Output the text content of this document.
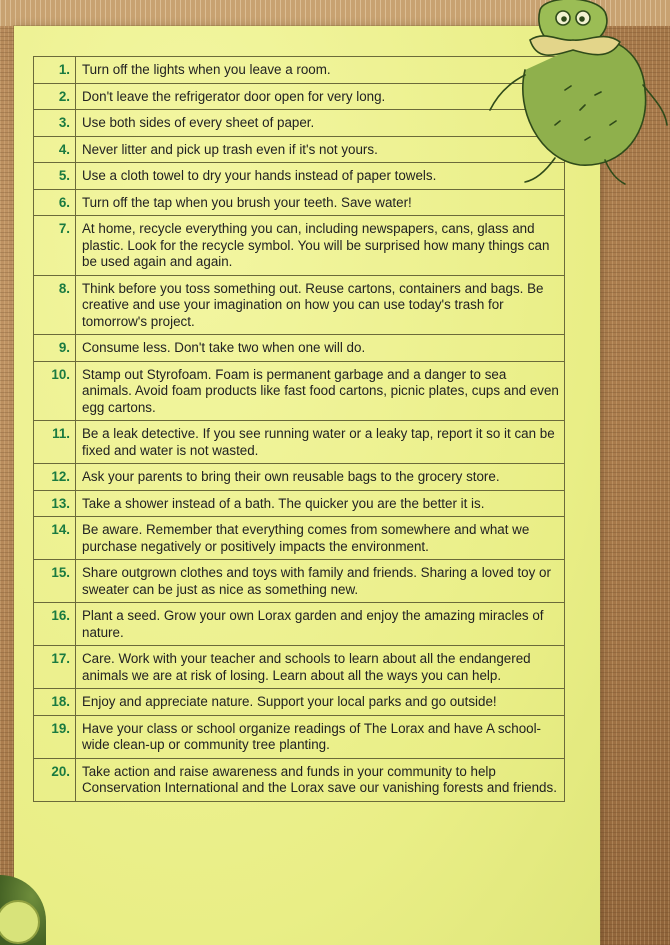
1.	Turn off the lights when you leave a room.
2.	Don't leave the refrigerator door open for very long.
3.	Use both sides of every sheet of paper.
4.	Never litter and pick up trash even if it's not yours.
5.	Use a cloth towel to dry your hands instead of paper towels.
6.	Turn off the tap when you brush your teeth. Save water!
7.	At home, recycle everything you can, including newspapers, cans, glass and plastic. Look for the recycle symbol. You will be surprised how many things can be used again and again.
8.	Think before you toss something out. Reuse cartons, containers and bags. Be creative and use your imagination on how you can use today's trash for tomorrow's project.
9.	Consume less. Don't take two when one will do.
10.	Stamp out Styrofoam. Foam is permanent garbage and a danger to sea animals. Avoid foam products like fast food cartons, picnic plates, cups and even egg cartons.
11.	Be a leak detective. If you see running water or a leaky tap, report it so it can be fixed and water is not wasted.
12.	Ask your parents to bring their own reusable bags to the grocery store.
13.	Take a shower instead of a bath. The quicker you are the better it is.
14.	Be aware. Remember that everything comes from somewhere and what we purchase negatively or positively impacts the environment.
15.	Share outgrown clothes and toys with family and friends. Sharing a loved toy or sweater can be just as nice as something new.
16.	Plant a seed. Grow your own Lorax garden and enjoy the amazing miracles of nature.
17.	Care. Work with your teacher and schools to learn about all the endangered animals we are at risk of losing. Learn about all the ways you can help.
18.	Enjoy and appreciate nature. Support your local parks and go outside!
19.	Have your class or school organize readings of The Lorax and have A school-wide clean-up or community tree planting.
20.	Take action and raise awareness and funds in your community to help Conservation International and the Lorax save our vanishing forests and friends.
